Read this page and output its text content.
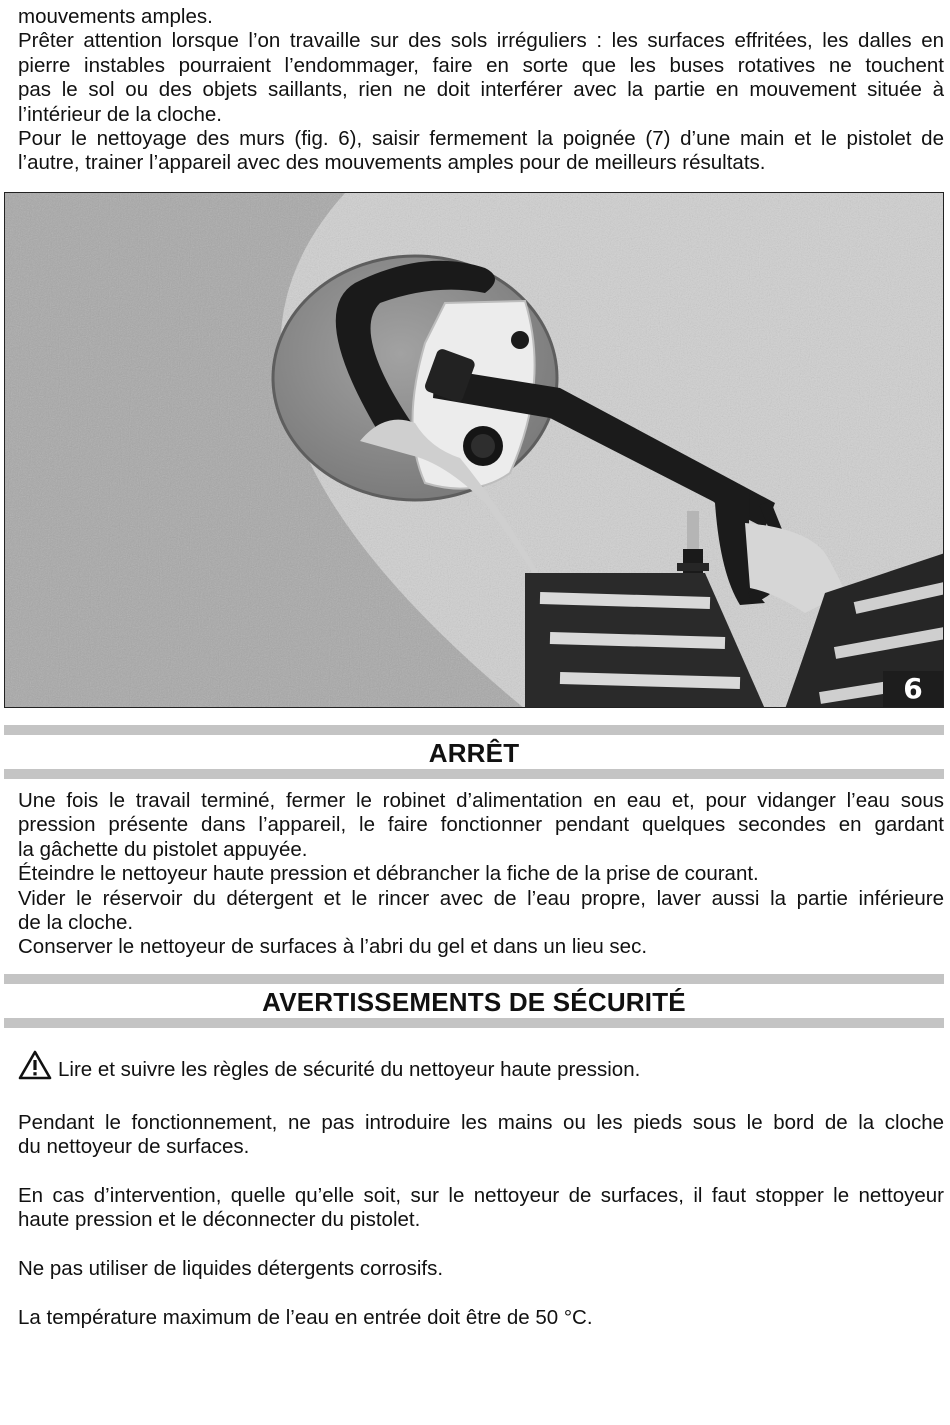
mouvements amples.
Prêter attention lorsque l’on travaille sur des sols irréguliers : les surfaces effritées, les dalles en
pierre instables pourraient l’endommager, faire en sorte que les buses rotatives ne touchent
pas le sol ou des objets saillants, rien ne doit interférer avec la partie en mouvement située à
l’intérieur de la cloche.
Pour le nettoyage des murs (fig. 6), saisir fermement la poignée (7) d’une main et le pistolet de
l’autre, trainer l’appareil avec des mouvements amples pour de meilleurs résultats.
6
ARRÊT
Une fois le travail terminé, fermer le robinet d’alimentation en eau et, pour vidanger l’eau sous
pression présente dans l’appareil, le faire fonctionner pendant quelques secondes en gardant
la gâchette du pistolet appuyée.
Éteindre le nettoyeur haute pression et débrancher la fiche de la prise de courant.
Vider le réservoir du détergent et le rincer avec de l’eau propre, laver aussi la partie inférieure
de la cloche.
Conserver le nettoyeur de surfaces à l’abri du gel et dans un lieu sec.
AVERTISSEMENTS DE SÉCURITÉ
Lire et suivre les règles de sécurité du nettoyeur haute pression.
Pendant le fonctionnement, ne pas introduire les mains ou les pieds sous le bord de la cloche
du nettoyeur de surfaces.
En cas d’intervention, quelle qu’elle soit, sur le nettoyeur de surfaces, il faut stopper le nettoyeur
haute pression et le déconnecter du pistolet.
Ne pas utiliser de liquides détergents corrosifs.
La température maximum de l’eau en entrée doit être de 50 °C.
